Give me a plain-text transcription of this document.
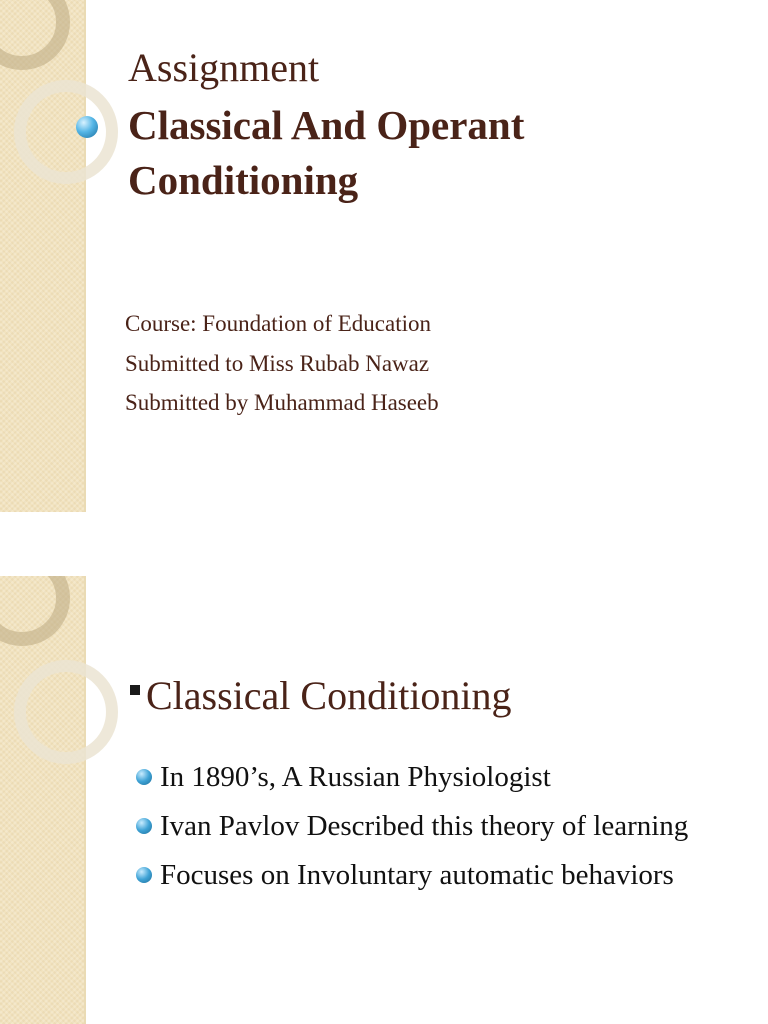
Assignment
Classical And Operant Conditioning
Course: Foundation of Education
Submitted to Miss Rubab Nawaz
Submitted by Muhammad Haseeb
Classical Conditioning
In 1890’s, A Russian Physiologist
Ivan Pavlov Described this theory of learning
Focuses on Involuntary automatic behaviors
